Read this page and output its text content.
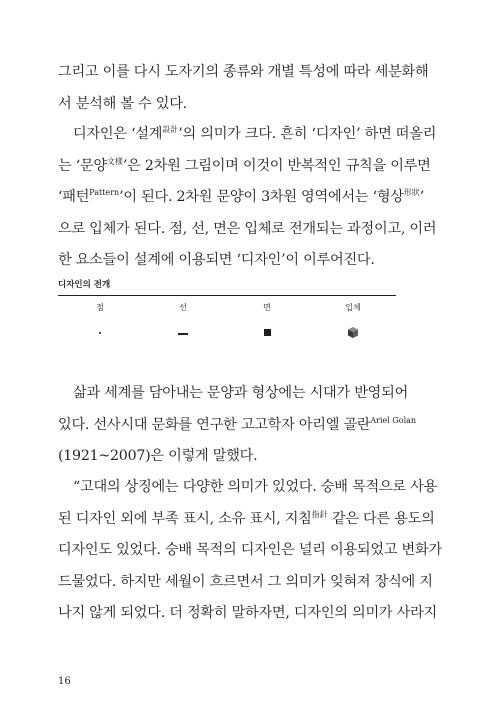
그리고 이를 다시 도자기의 종류와 개별 특성에 따라 세분화해
서 분석해 볼 수 있다.
디자인은 ‘설계$^{設計}$’의 의미가 크다. 흔히 ‘디자인’ 하면 떠올리
는 ‘문양$^{文樣}$’은 2차원 그림이며 이것이 반복적인 규칙을 이루면
‘패턴$^{Pattern}$’이 된다. 2차원 문양이 3차원 영역에서는 ‘형상$^{形狀}$’
으로 입체가 된다. 점, 선, 면은 입체로 전개되는 과정이고, 이러
한 요소들이 설계에 이용되면 ‘디자인’이 이루어진다.
디자인의 전개
점	선	면	입체
삶과 세계를 담아내는 문양과 형상에는 시대가 반영되어
있다. 선사시대 문화를 연구한 고고학자 아리엘 골란$^{Ariel Golan}$
(1921~2007)은 이렇게 말했다.
“고대의 상징에는 다양한 의미가 있었다. 숭배 목적으로 사용
된 디자인 외에 부족 표시, 소유 표시, 지침$^{指針}$ 같은 다른 용도의
디자인도 있었다. 숭배 목적의 디자인은 널리 이용되었고 변화가
드물었다. 하지만 세월이 흐르면서 그 의미가 잊혀져 장식에 지
나지 않게 되었다. 더 정확히 말하자면, 디자인의 의미가 사라지
16
